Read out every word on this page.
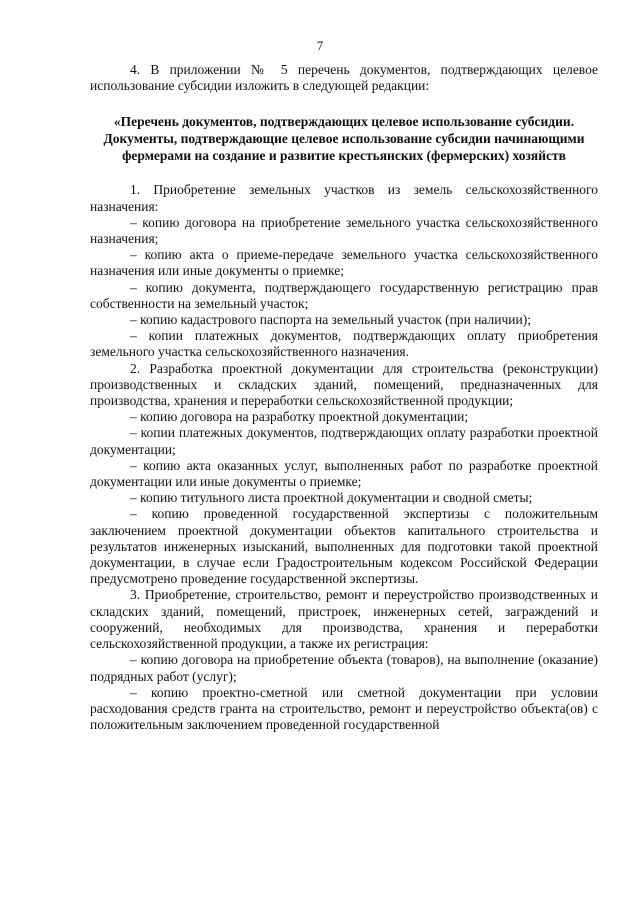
7

4. В приложении № 5 перечень документов, подтверждающих целевое использование субсидии изложить в следующей редакции:

«Перечень документов, подтверждающих целевое использование субсидии.
Документы, подтверждающие целевое использование субсидии начинающими фермерами на создание и развитие крестьянских (фермерских) хозяйств

1. Приобретение земельных участков из земель сельскохозяйственного назначения:

– копию договора на приобретение земельного участка сельскохозяйственного назначения;

– копию акта о приеме-передаче земельного участка сельскохозяйственного назначения или иные документы о приемке;

– копию документа, подтверждающего государственную регистрацию прав собственности на земельный участок;

– копию кадастрового паспорта на земельный участок (при наличии);

– копии платежных документов, подтверждающих оплату приобретения земельного участка сельскохозяйственного назначения.

2. Разработка проектной документации для строительства (реконструкции) производственных и складских зданий, помещений, предназначенных для производства, хранения и переработки сельскохозяйственной продукции;

– копию договора на разработку проектной документации;

– копии платежных документов, подтверждающих оплату разработки проектной документации;

– копию акта оказанных услуг, выполненных работ по разработке проектной документации или иные документы о приемке;

– копию титульного листа проектной документации и сводной сметы;

– копию проведенной государственной экспертизы с положительным заключением проектной документации объектов капитального строительства и результатов инженерных изысканий, выполненных для подготовки такой проектной документации, в случае если Градостроительным кодексом Российской Федерации предусмотрено проведение государственной экспертизы.

3. Приобретение, строительство, ремонт и переустройство производственных и складских зданий, помещений, пристроек, инженерных сетей, заграждений и сооружений, необходимых для производства, хранения и переработки сельскохозяйственной продукции, а также их регистрация:

– копию договора на приобретение объекта (товаров), на выполнение (оказание) подрядных работ (услуг);

– копию проектно-сметной или сметной документации при условии расходования средств гранта на строительство, ремонт и переустройство объекта(ов) с положительным заключением проведенной государственной
